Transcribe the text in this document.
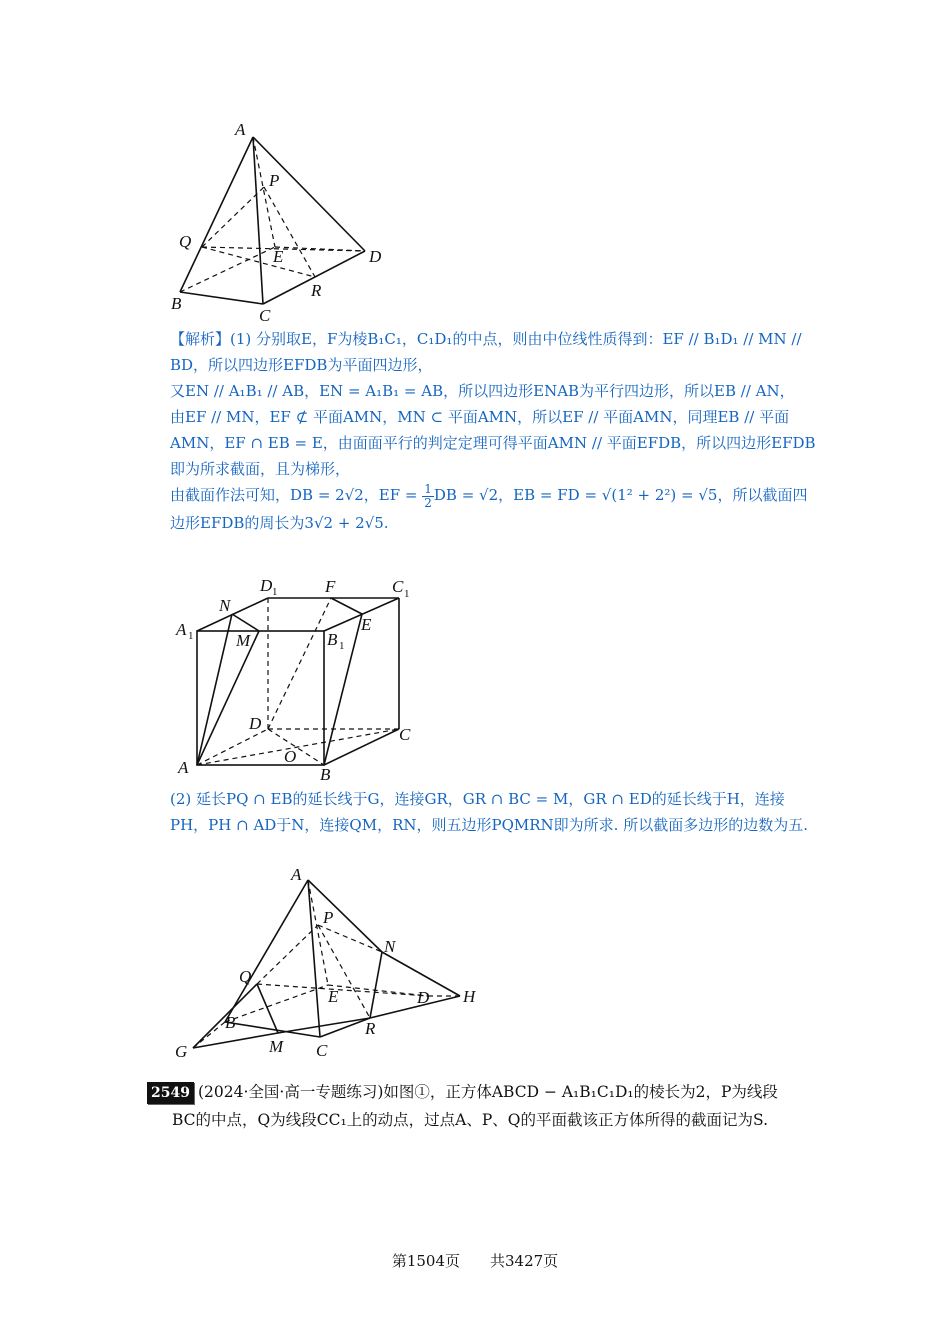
A
P
Q
E	D
R
B
C

【解析】(1) 分别取E，F为棱B₁C₁，C₁D₁的中点，则由中位线性质得到：EF // B₁D₁ // MN // BD，所以四边形EFDB为平面四边形，

又EN // A₁B₁ // AB，EN = A₁B₁ = AB，所以四边形ENAB为平行四边形，所以EB // AN，

由EF // MN，EF ⊄ 平面AMN，MN ⊂ 平面AMN，所以EF // 平面AMN，同理EB // 平面AMN，EF ∩ EB = E，由面面平行的判定定理可得平面AMN // 平面EFDB，所以四边形EFDB即为所求截面，且为梯形，

由截面作法可知，DB = 2√2，EF = $\frac{1}{2}$ DB = √2，EB = FD = √(1² + 2²) = √5，所以截面四边形EFDB的周长为3√2 + 2√5.

D 1	F	C 1
N
E
A 1	M	B 1
D
C
O
A	B

(2) 延长PQ ∩ EB的延长线于G，连接GR，GR ∩ BC = M，GR ∩ ED的延长线于H，连接PH，PH ∩ AD于N，连接QM，RN，则五边形PQMRN即为所求. 所以截面多边形的边数为五.

A
P
N
Q
E	D H
B	R
G	M C

2549 (2024·全国·高一专题练习)如图①，正方体ABCD − A₁B₁C₁D₁的棱长为2，P为线段

BC的中点，Q为线段CC₁上的动点，过点A、P、Q的平面截该正方体所得的截面记为S.

第1504页　　共3427页
